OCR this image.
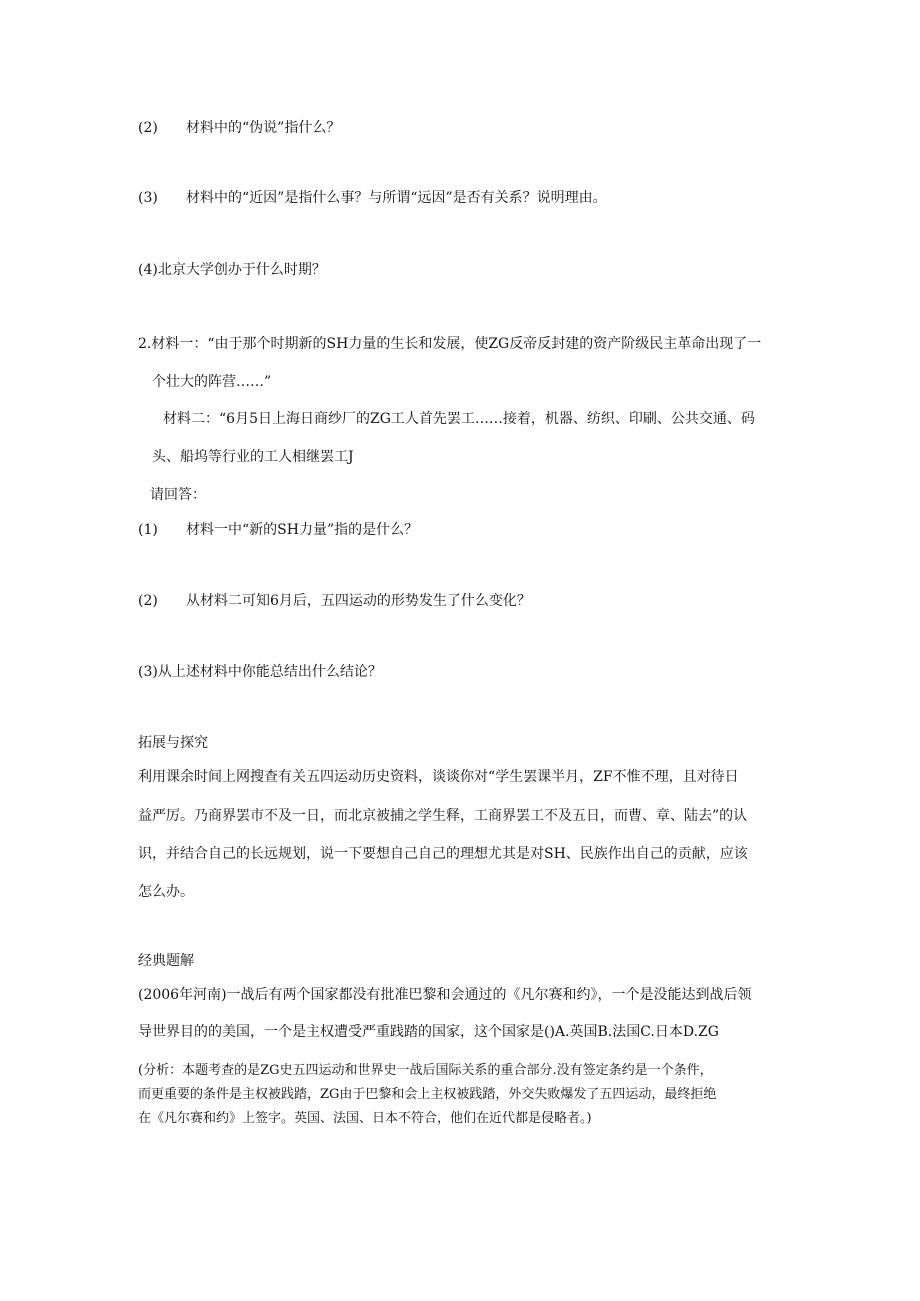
(2) 材料中的“伪说”指什么？
(3) 材料中的“近因”是指什么事？与所谓“远因”是否有关系？说明理由。
(4)北京大学创办于什么时期？
2.材料一：“由于那个时期新的SH力量的生长和发展，使ZG反帝反封建的资产阶级民主革命出现了一
个壮大的阵营……”
材料二：“6月5日上海日商纱厂的ZG工人首先罢工……接着，机器、纺织、印刷、公共交通、码
头、船坞等行业的工人相继罢工J
请回答：
(1) 材料一中“新的SH力量”指的是什么？
(2) 从材料二可知6月后，五四运动的形势发生了什么变化？
(3)从上述材料中你能总结出什么结论？
拓展与探究
利用课余时间上网搜查有关五四运动历史资料，谈谈你对“学生罢课半月，ZF不惟不理，且对待日
益严厉。乃商界罢市不及一日，而北京被捕之学生释，工商界罢工不及五日，而曹、章、陆去”的认
识，并结合自己的长远规划，说一下要想自己自己的理想尤其是对SH、民族作出自己的贡献，应该
怎么办。
经典题解
(2006年河南)一战后有两个国家都没有批准巴黎和会通过的《凡尔赛和约》，一个是没能达到战后领
导世界目的的美国，一个是主权遭受严重践踏的国家，这个国家是()A.英国B.法国C.日本D.ZG
(分析：本题考查的是ZG史五四运动和世界史一战后国际关系的重合部分.没有签定条约是一个条件，
而更重要的条件是主权被践踏，ZG由于巴黎和会上主权被践踏，外交失败爆发了五四运动，最终拒绝
在《凡尔赛和约》上签字。英国、法国、日本不符合，他们在近代都是侵略者。)
